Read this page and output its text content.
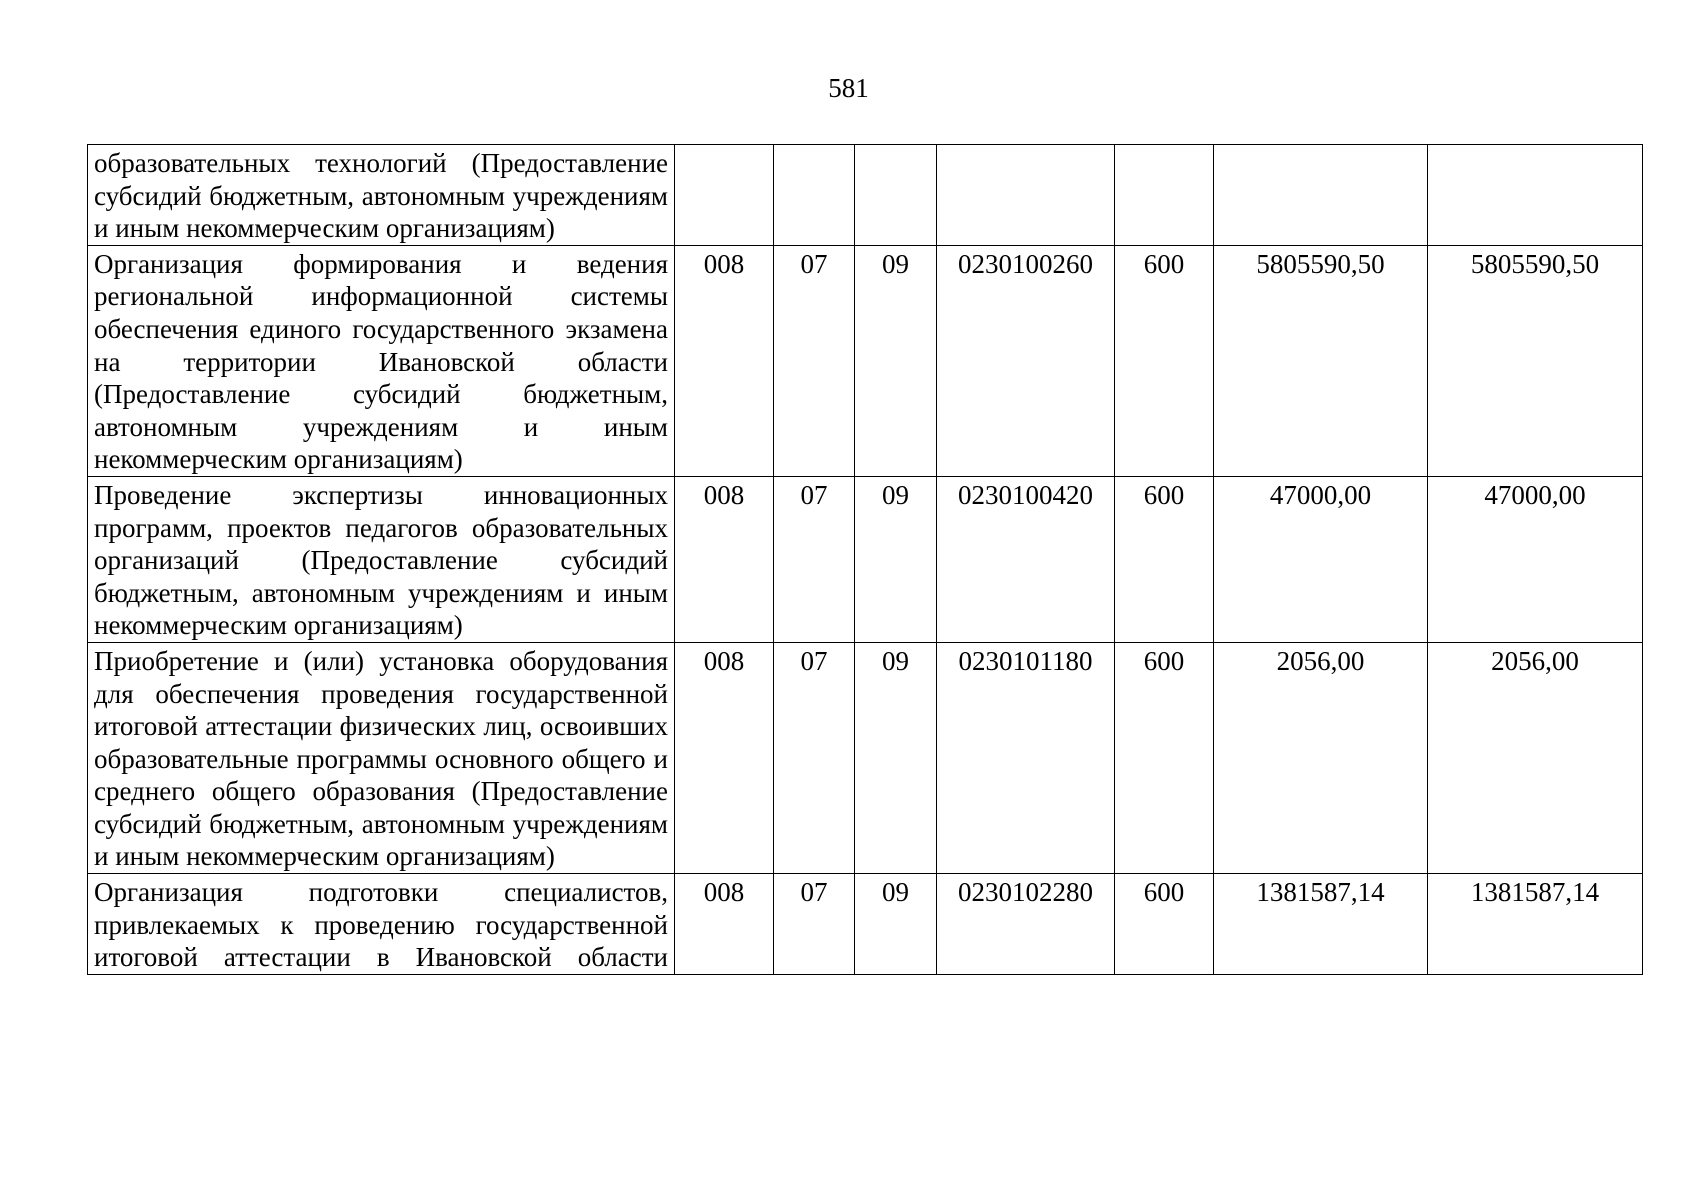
581
образовательных технологий (Предоставление субсидий бюджетным, автономным учреждениям и иным некоммерческим организациям)							
Организация формирования и ведения региональной информационной системы обеспечения единого государственного экзамена на территории Ивановской области (Предоставление субсидий бюджетным, автономным учреждениям и иным некоммерческим организациям)	008	07	09	0230100260	600	5805590,50	5805590,50
Проведение экспертизы инновационных программ, проектов педагогов образовательных организаций (Предоставление субсидий бюджетным, автономным учреждениям и иным некоммерческим организациям)	008	07	09	0230100420	600	47000,00	47000,00
Приобретение и (или) установка оборудования для обеспечения проведения государственной итоговой аттестации физических лиц, освоивших образовательные программы основного общего и среднего общего образования (Предоставление субсидий бюджетным, автономным учреждениям и иным некоммерческим организациям)	008	07	09	0230101180	600	2056,00	2056,00
Организация подготовки специалистов, привлекаемых к проведению государственной итоговой аттестации в Ивановской области	008	07	09	0230102280	600	1381587,14	1381587,14
